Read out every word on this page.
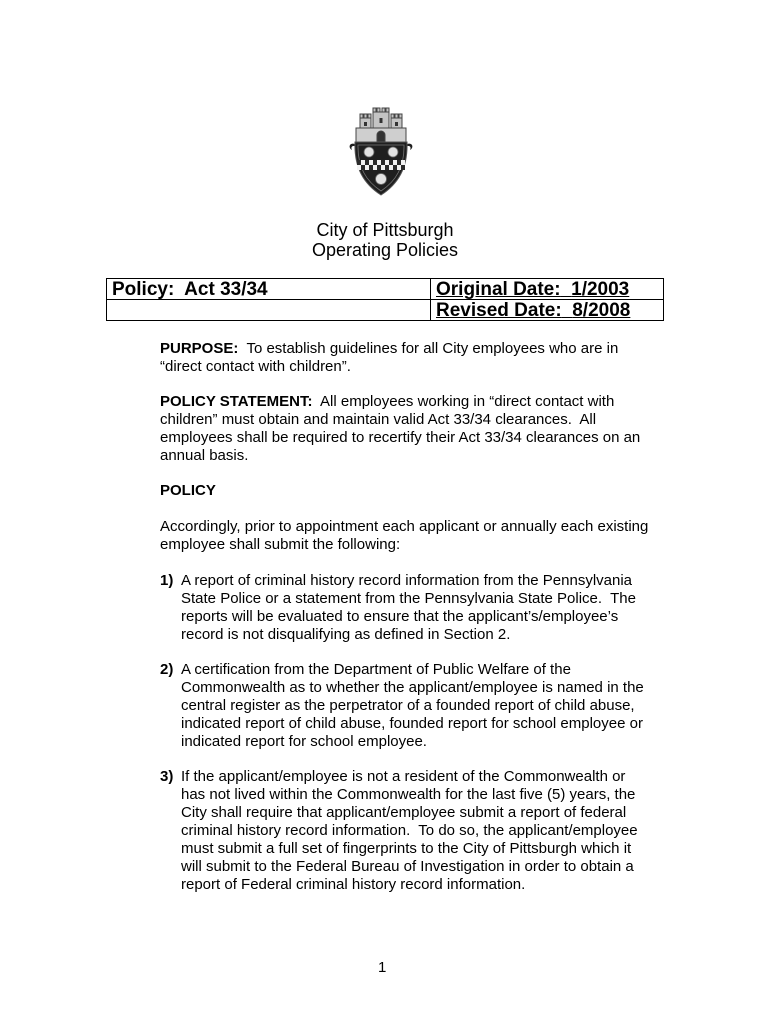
City of Pittsburgh
Operating Policies
Policy: Act 33/34	Original Date: 1/2003
Revised Date: 8/2008
PURPOSE: To establish guidelines for all City employees who are in
“direct contact with children”.
POLICY STATEMENT: All employees working in “direct contact with
children” must obtain and maintain valid Act 33/34 clearances.  All
employees shall be required to recertify their Act 33/34 clearances on an
annual basis.
POLICY
Accordingly, prior to appointment each applicant or annually each existing
employee shall submit the following:
1) A report of criminal history record information from the Pennsylvania
State Police or a statement from the Pennsylvania State Police.  The
reports will be evaluated to ensure that the applicant’s/employee’s
record is not disqualifying as defined in Section 2.
2) A certification from the Department of Public Welfare of the
Commonwealth as to whether the applicant/employee is named in the
central register as the perpetrator of a founded report of child abuse,
indicated report of child abuse, founded report for school employee or
indicated report for school employee.
3) If the applicant/employee is not a resident of the Commonwealth or
has not lived within the Commonwealth for the last five (5) years, the
City shall require that applicant/employee submit a report of federal
criminal history record information.  To do so, the applicant/employee
must submit a full set of fingerprints to the City of Pittsburgh which it
will submit to the Federal Bureau of Investigation in order to obtain a
report of Federal criminal history record information.
1
